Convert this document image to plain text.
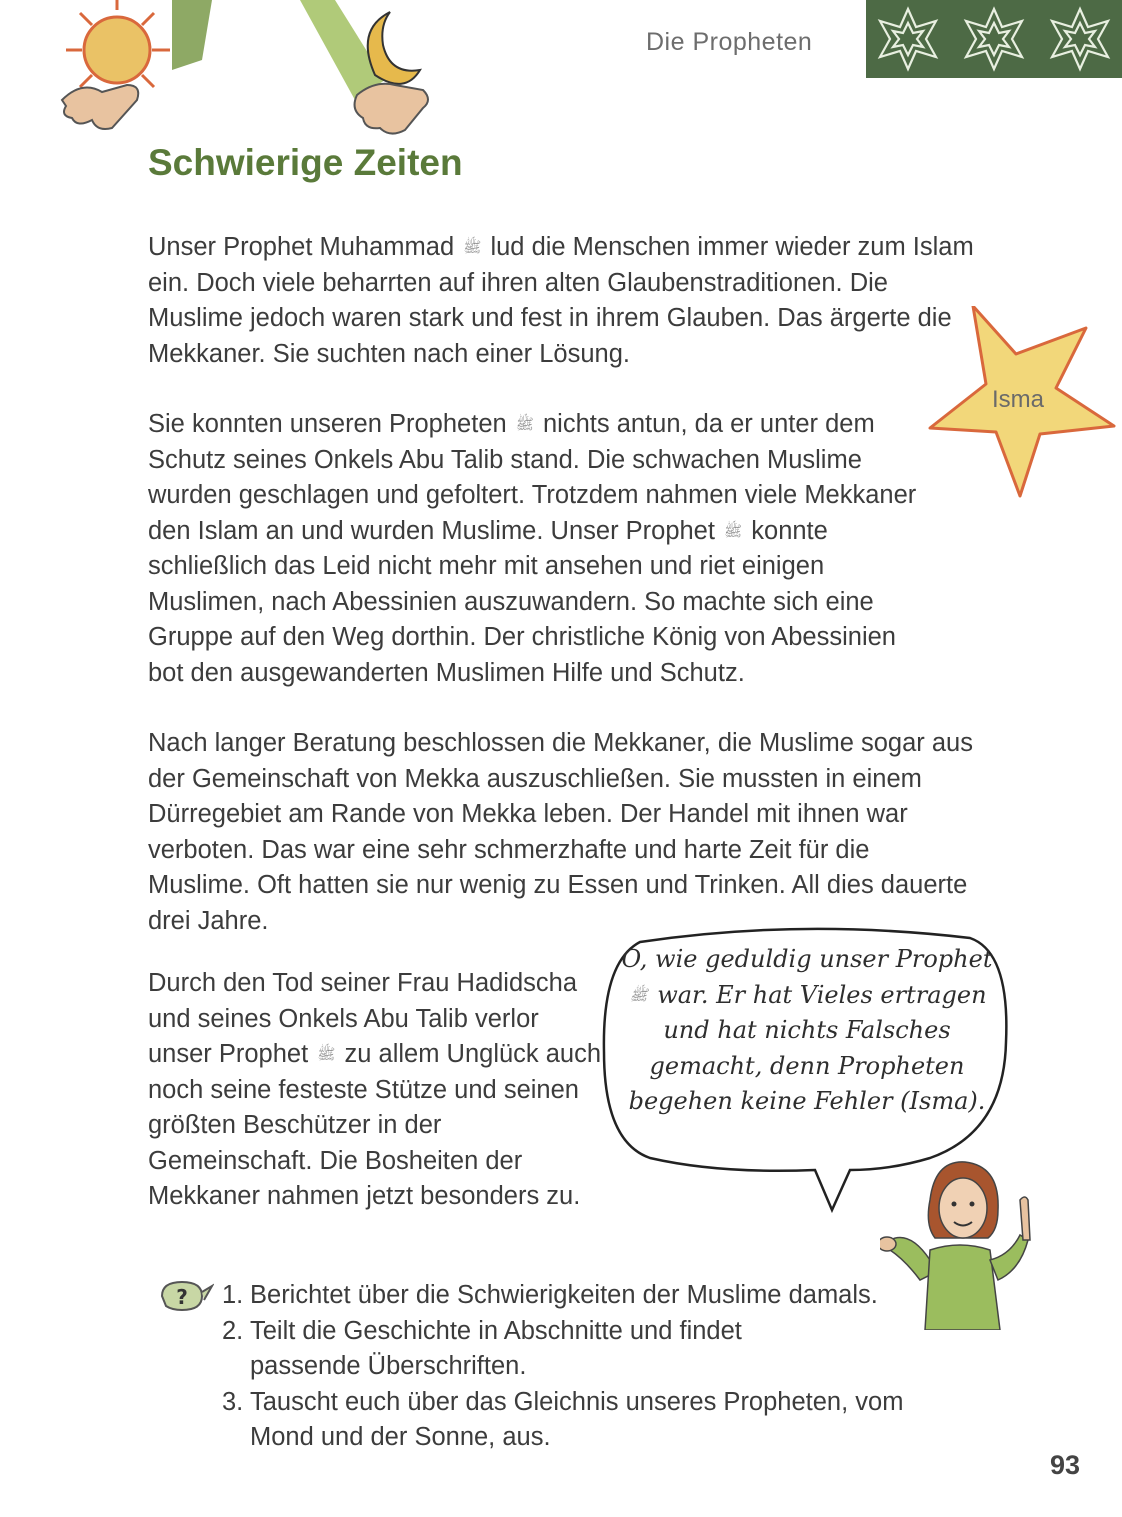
Die Propheten
Schwierige Zeiten

Unser Prophet Muhammad ﷺ lud die Menschen immer wieder zum Islam ein. Doch viele beharrten auf ihren alten Glaubenstraditionen. Die Muslime jedoch waren stark und fest in ihrem Glauben. Das ärgerte die Mekkaner. Sie suchten nach einer Lösung.

Isma

Sie konnten unseren Propheten ﷺ nichts antun, da er unter dem Schutz seines Onkels Abu Talib stand. Die schwachen Muslime wurden geschlagen und gefoltert. Trotzdem nahmen viele Mekkaner den Islam an und wurden Muslime. Unser Prophet ﷺ konnte schließlich das Leid nicht mehr mit ansehen und riet einigen Muslimen, nach Abessinien auszuwandern. So machte sich eine Gruppe auf den Weg dorthin. Der christliche König von Abessinien bot den ausgewanderten Muslimen Hilfe und Schutz.

Nach langer Beratung beschlossen die Mekkaner, die Muslime sogar aus der Gemeinschaft von Mekka auszuschließen. Sie mussten in einem Dürregebiet am Rande von Mekka leben. Der Handel mit ihnen war verboten. Das war eine sehr schmerzhafte und harte Zeit für die Muslime. Oft hatten sie nur wenig zu Essen und Trinken. All dies dauerte drei Jahre.

Durch den Tod seiner Frau Hadidscha und seines Onkels Abu Talib verlor unser Prophet ﷺ zu allem Unglück auch noch seine festeste Stütze und seinen größten Beschützer in der Gemeinschaft. Die Bosheiten der Mekkaner nahmen jetzt besonders zu.

O, wie geduldig unser Prophet ﷺ war. Er hat Vieles ertragen und hat nichts Falsches gemacht, denn Propheten begehen keine Fehler (Isma).
? 1. Berichtet über die Schwierigkeiten der Muslime damals.
2. Teilt die Geschichte in Abschnitte und findet passende Überschriften.
3. Tauscht euch über das Gleichnis unseres Propheten, vom Mond und der Sonne, aus.
93
